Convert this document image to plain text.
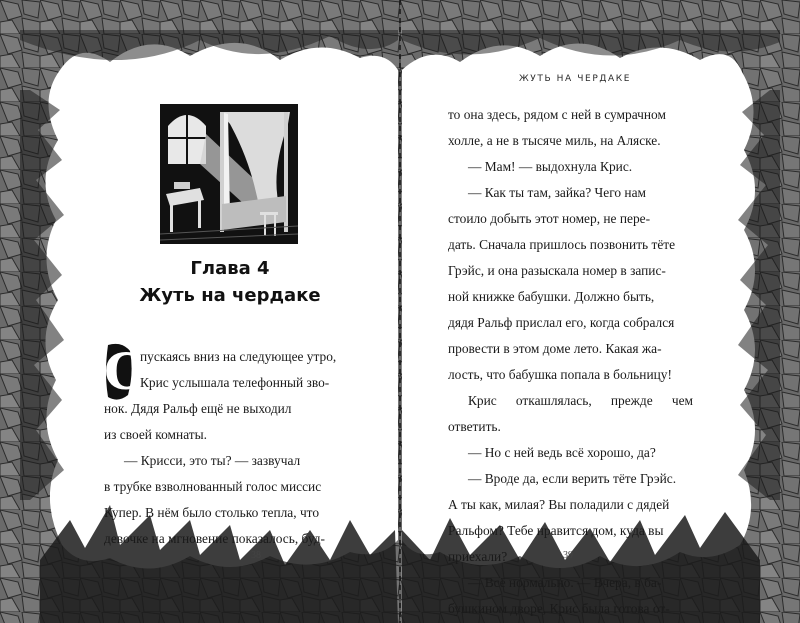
Глава 4
Жуть на чердаке
С

пускаясь вниз на следующее утро,

Крис услышала телефонный зво-

нок. Дядя Ральф ещё не выходил

из своей комнаты.

— Крисси, это ты? — зазвучал

в трубке взволнованный голос миссис

Купер. В нём было столько тепла, что

девочке на мгновение показалось, буд-

38
ЖУТЬ НА ЧЕРДАКЕ

то она здесь, рядом с ней в сумрачном

холле, а не в тысяче миль, на Аляске.

— Мам! — выдохнула Крис.

— Как ты там, зайка? Чего нам

стоило добыть этот номер, не пере-

дать. Сначала пришлось позвонить тёте

Грэйс, и она разыскала номер в запис-

ной книжке бабушки. Должно быть,

дядя Ральф прислал его, когда собрался

провести в этом доме лето. Какая жа-

лость, что бабушка попала в больницу!

Крис откашлялась, прежде чем ответить.

— Но с ней ведь всё хорошо, да?

— Вроде да, если верить тёте Грэйс.

А ты как, милая? Вы поладили с дядей

Ральфом? Тебе нравится дом, куда вы

приехали?

— Всё нормально. — Вчера, в ба-

бушкином дворе, Крис была готова от-

39
